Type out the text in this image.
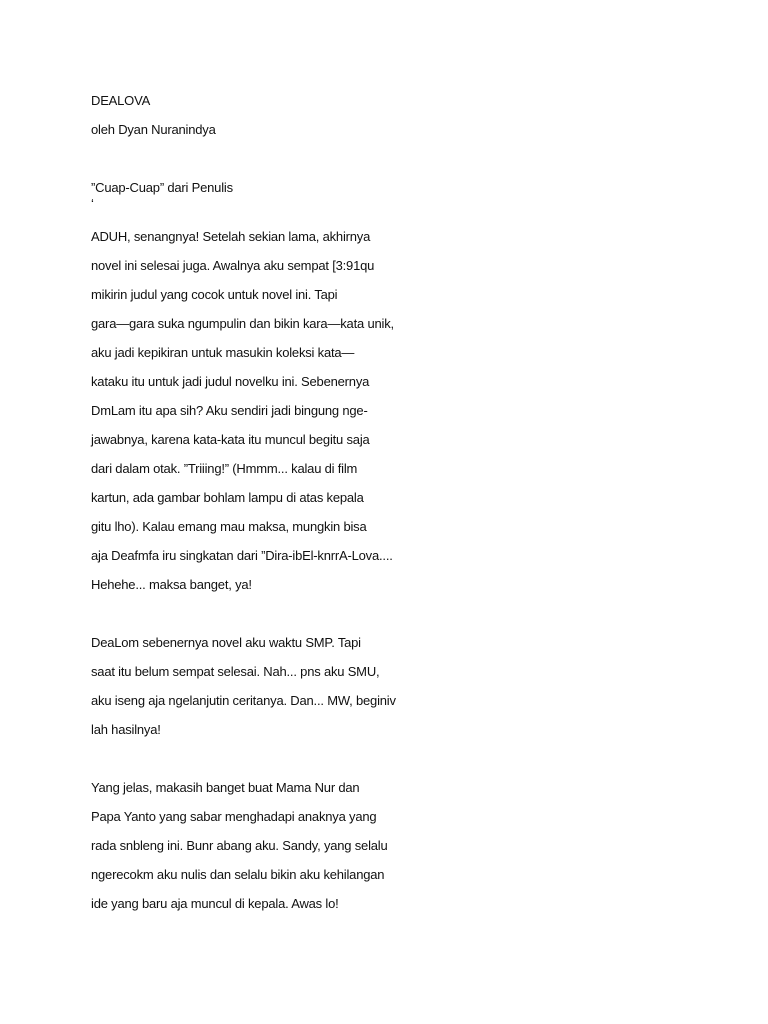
DEALOVA
oleh Dyan Nuranindya
”Cuap-Cuap” dari Penulis
‘
ADUH, senangnya! Setelah sekian lama, akhirnya
novel ini selesai juga. Awalnya aku sempat [3:91qu
mikirin judul yang cocok untuk novel ini. Tapi
gara—gara suka ngumpulin dan bikin kara—kata unik,
aku jadi kepikiran untuk masukin koleksi kata—
kataku itu untuk jadi judul novelku ini. Sebenernya
DmLam itu apa sih? Aku sendiri jadi bingung nge-
jawabnya, karena kata-kata itu muncul begitu saja
dari dalam otak. ”Triiing!” (Hmmm... kalau di film
kartun, ada gambar bohlam lampu di atas kepala
gitu lho). Kalau emang mau maksa, mungkin bisa
aja Deafmfa iru singkatan dari ”Dira-ibEl-knrrA-Lova....
Hehehe... maksa banget, ya!
DeaLom sebenernya novel aku waktu SMP. Tapi
saat itu belum sempat selesai. Nah... pns aku SMU,
aku iseng aja ngelanjutin ceritanya. Dan... MW, beginiv
lah hasilnya!
Yang jelas, makasih banget buat Mama Nur dan
Papa Yanto yang sabar menghadapi anaknya yang
rada snbleng ini. Bunr abang aku. Sandy, yang selalu
ngerecokm aku nulis dan selalu bikin aku kehilangan
ide yang baru aja muncul di kepala. Awas lo!
